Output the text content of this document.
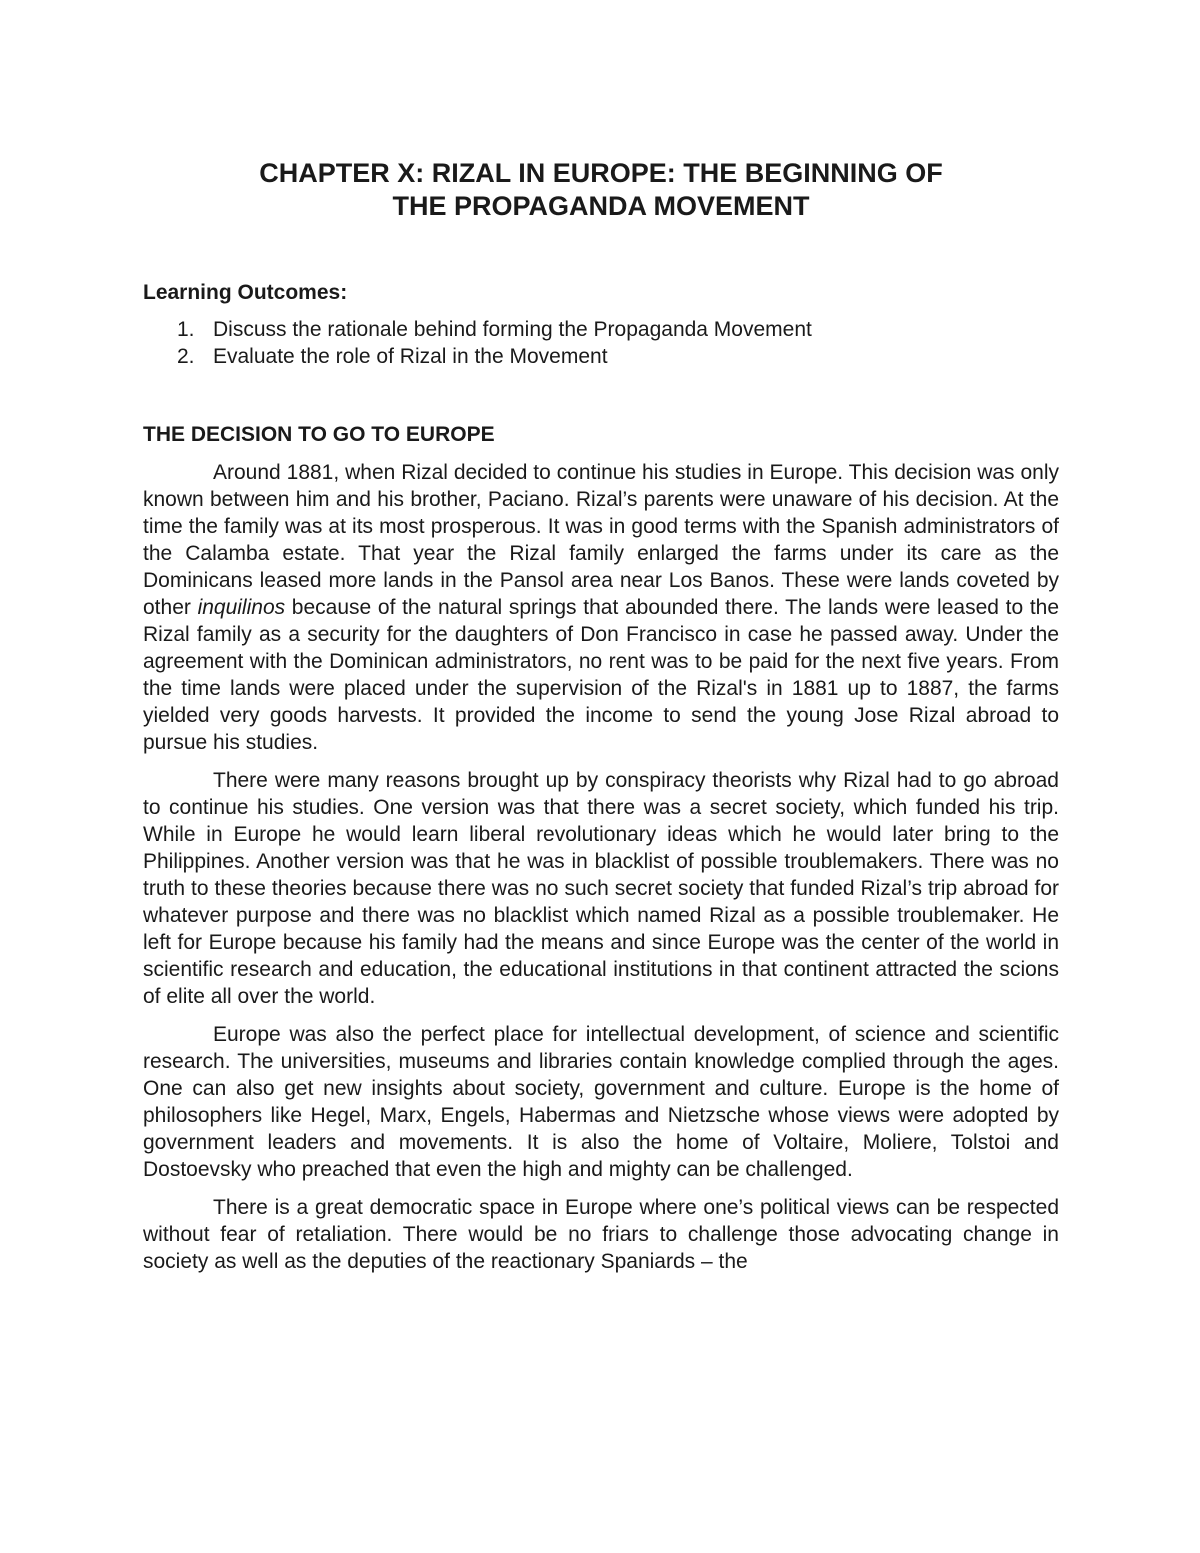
CHAPTER X: RIZAL IN EUROPE: THE BEGINNING OF
THE PROPAGANDA MOVEMENT
Learning Outcomes:
1. Discuss the rationale behind forming the Propaganda Movement
2. Evaluate the role of Rizal in the Movement
THE DECISION TO GO TO EUROPE

Around 1881, when Rizal decided to continue his studies in Europe. This decision was only known between him and his brother, Paciano. Rizal’s parents were unaware of his decision. At the time the family was at its most prosperous. It was in good terms with the Spanish administrators of the Calamba estate. That year the Rizal family enlarged the farms under its care as the Dominicans leased more lands in the Pansol area near Los Banos. These were lands coveted by other inquilinos because of the natural springs that abounded there. The lands were leased to the Rizal family as a security for the daughters of Don Francisco in case he passed away. Under the agreement with the Dominican administrators, no rent was to be paid for the next five years. From the time lands were placed under the supervision of the Rizal's in 1881 up to 1887, the farms yielded very goods harvests. It provided the income to send the young Jose Rizal abroad to pursue his studies.

There were many reasons brought up by conspiracy theorists why Rizal had to go abroad to continue his studies. One version was that there was a secret society, which funded his trip. While in Europe he would learn liberal revolutionary ideas which he would later bring to the Philippines. Another version was that he was in blacklist of possible troublemakers. There was no truth to these theories because there was no such secret society that funded Rizal’s trip abroad for whatever purpose and there was no blacklist which named Rizal as a possible troublemaker. He left for Europe because his family had the means and since Europe was the center of the world in scientific research and education, the educational institutions in that continent attracted the scions of elite all over the world.

Europe was also the perfect place for intellectual development, of science and scientific research. The universities, museums and libraries contain knowledge complied through the ages. One can also get new insights about society, government and culture. Europe is the home of philosophers like Hegel, Marx, Engels, Habermas and Nietzsche whose views were adopted by government leaders and movements. It is also the home of Voltaire, Moliere, Tolstoi and Dostoevsky who preached that even the high and mighty can be challenged.

There is a great democratic space in Europe where one’s political views can be respected without fear of retaliation. There would be no friars to challenge those advocating change in society as well as the deputies of the reactionary Spaniards – the
